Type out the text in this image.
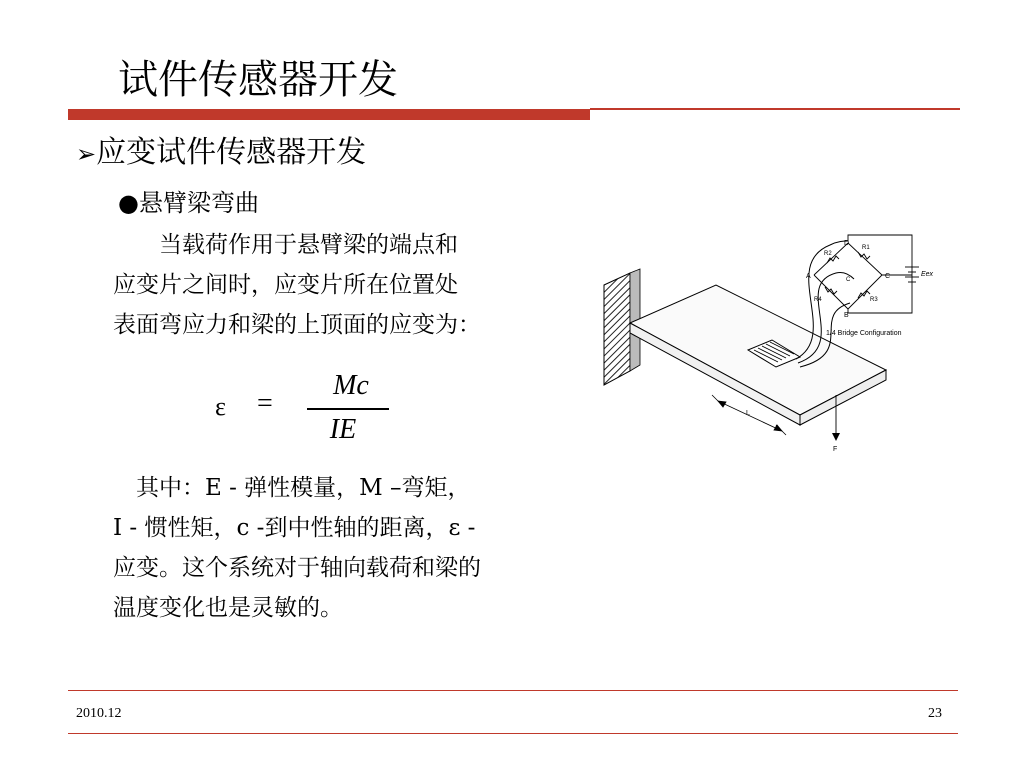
试件传感器开发
➢应变试件传感器开发
●悬臂梁弯曲
　　当载荷作用于悬臂梁的端点和
应变片之间时，应变片所在位置处
表面弯应力和梁的上顶面的应变为：
ε =
Mc
IE
　其中：E - 弹性模量，M –弯矩，
I - 惯性矩，c -到中性轴的距离，ε -
应变。这个系统对于轴向载荷和梁的
温度变化也是灵敏的。
D
A	C
B
C
R1
R2
R3
R4
Eex
1/4 Bridge Configuration
L
F
2010.12	23
